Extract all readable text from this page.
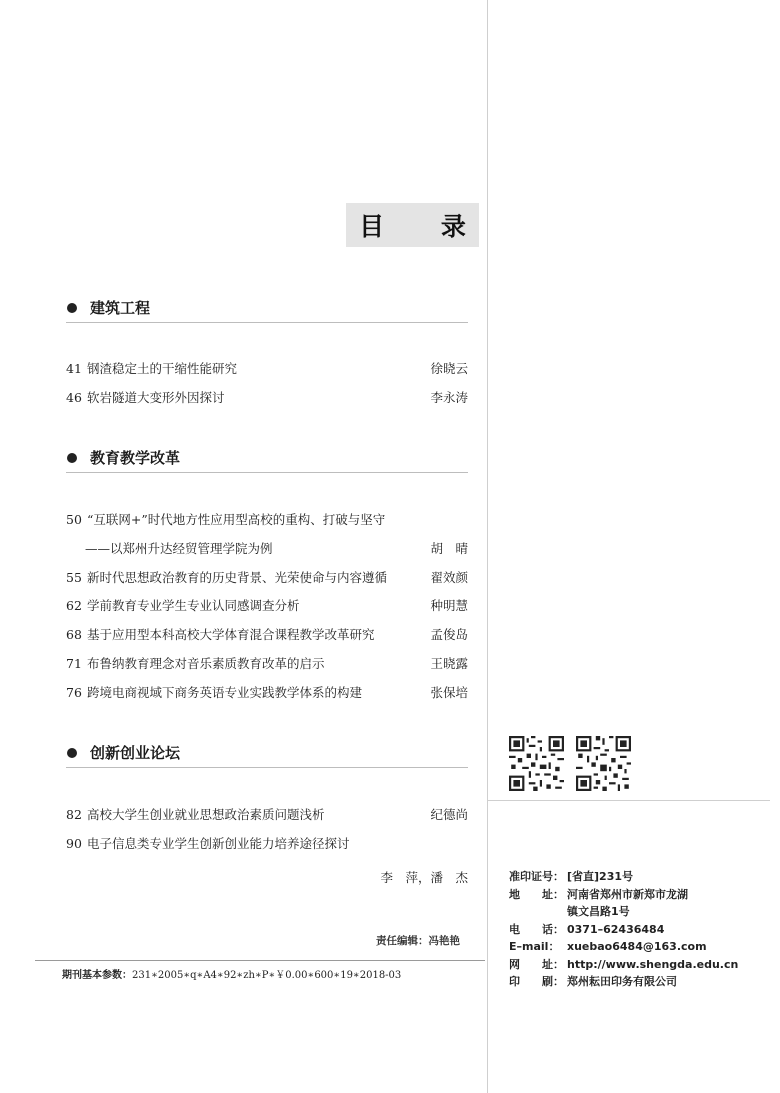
目 录
建筑工程
41 钢渣稳定土的干缩性能研究	徐晓云
46 软岩隧道大变形外因探讨	李永涛
教育教学改革
50 “互联网+”时代地方性应用型高校的重构、打破与坚守
——以郑州升达经贸管理学院为例	胡　晴
55 新时代思想政治教育的历史背景、光荣使命与内容遵循	翟效颜
62 学前教育专业学生专业认同感调查分析	种明慧
68 基于应用型本科高校大学体育混合课程教学改革研究	孟俊岛
71 布鲁纳教育理念对音乐素质教育改革的启示	王晓露
76 跨境电商视域下商务英语专业实践教学体系的构建	张保培
创新创业论坛
82 高校大学生创业就业思想政治素质问题浅析	纪德尚
90 电子信息类专业学生创新创业能力培养途径探讨
李　萍，潘　杰
责任编辑：冯艳艳
期刊基本参数：231∗2005∗q∗A4∗92∗zh∗P∗￥0.00∗600∗19∗2018-03
准印证号： [省直]231号
地　　址： 河南省郑州市新郑市龙湖
镇文昌路1号
电　　话： 0371–62436484
E–mail： xuebao6484@163.com
网　　址： http://www.shengda.edu.cn
印　　刷： 郑州耘田印务有限公司
